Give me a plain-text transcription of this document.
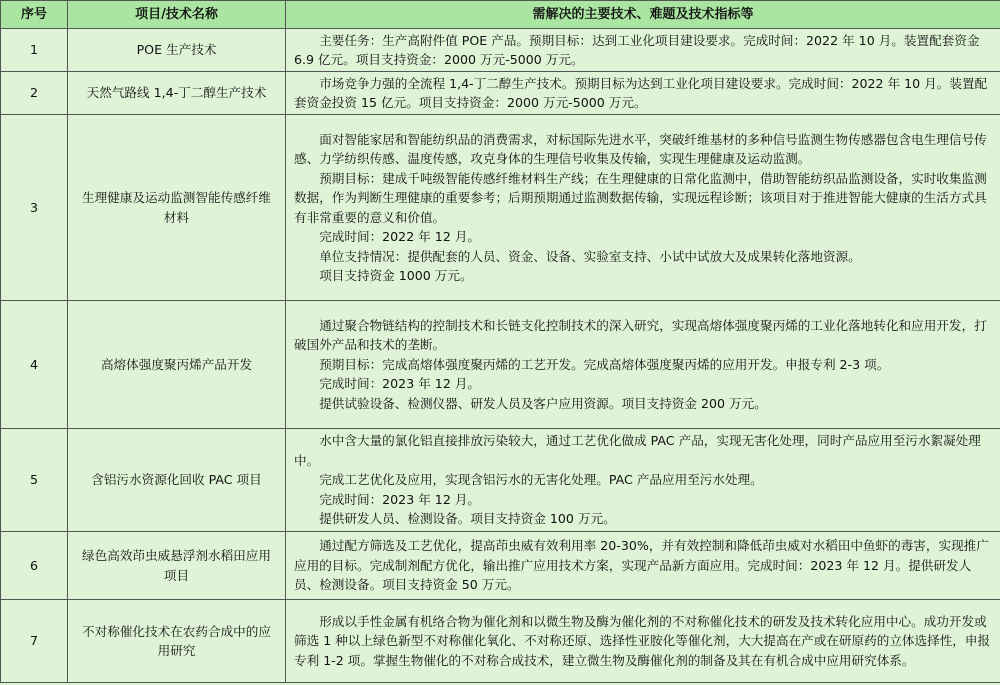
序号	项目/技术名称	需解决的主要技术、难题及技术指标等
1	POE 生产技术	主要任务：生产高附件值 POE 产品。预期目标：达到工业化项目建设要求。完成时间：2022 年 10 月。装置配套资金 6.9 亿元。项目支持资金：2000 万元-5000 万元。

2	天然气路线 1,4-丁二醇生产技术	市场竞争力强的全流程 1,4-丁二醇生产技术。预期目标为达到工业化项目建设要求。完成时间：2022 年 10 月。装置配套资金投资 15 亿元。项目支持资金：2000 万元-5000 万元。

3	生理健康及运动监测智能传感纤维材料	面对智能家居和智能纺织品的消费需求，对标国际先进水平，突破纤维基材的多种信号监测生物传感器包含电生理信号传感、力学纺织传感、温度传感，攻克身体的生理信号收集及传输，实现生理健康及运动监测。

预期目标：建成千吨级智能传感纤维材料生产线；在生理健康的日常化监测中，借助智能纺织品监测设备，实时收集监测数据，作为判断生理健康的重要参考；后期预期通过监测数据传输，实现远程诊断；该项目对于推进智能大健康的生活方式具有非常重要的意义和价值。

完成时间：2022 年 12 月。

单位支持情况：提供配套的人员、资金、设备、实验室支持、小试中试放大及成果转化落地资源。

项目支持资金 1000 万元。

4	高熔体强度聚丙烯产品开发	通过聚合物链结构的控制技术和长链支化控制技术的深入研究，实现高熔体强度聚丙烯的工业化落地转化和应用开发，打破国外产品和技术的垄断。

预期目标：完成高熔体强度聚丙烯的工艺开发。完成高熔体强度聚丙烯的应用开发。申报专利 2-3 项。

完成时间：2023 年 12 月。

提供试验设备、检测仪器、研发人员及客户应用资源。项目支持资金 200 万元。

5	含铝污水资源化回收 PAC 项目	水中含大量的氯化铝直接排放污染较大，通过工艺优化做成 PAC 产品，实现无害化处理，同时产品应用至污水絮凝处理中。

完成工艺优化及应用，实现含铝污水的无害化处理。PAC 产品应用至污水处理。

完成时间：2023 年 12 月。

提供研发人员、检测设备。项目支持资金 100 万元。

6	绿色高效茚虫威悬浮剂水稻田应用项目	通过配方筛选及工艺优化，提高茚虫威有效利用率 20-30%，并有效控制和降低茚虫威对水稻田中鱼虾的毒害，实现推广应用的目标。完成制剂配方优化，输出推广应用技术方案，实现产品新方面应用。完成时间：2023 年 12 月。提供研发人员、检测设备。项目支持资金 50 万元。

7	不对称催化技术在农药合成中的应用研究	形成以手性金属有机络合物为催化剂和以微生物及酶为催化剂的不对称催化技术的研发及技术转化应用中心。成功开发或筛选 1 种以上绿色新型不对称催化氧化、不对称还原、选择性亚胺化等催化剂，大大提高在产或在研原药的立体选择性，申报专利 1-2 项。掌握生物催化的不对称合成技术，建立微生物及酶催化剂的制备及其在有机合成中应用研究体系。
